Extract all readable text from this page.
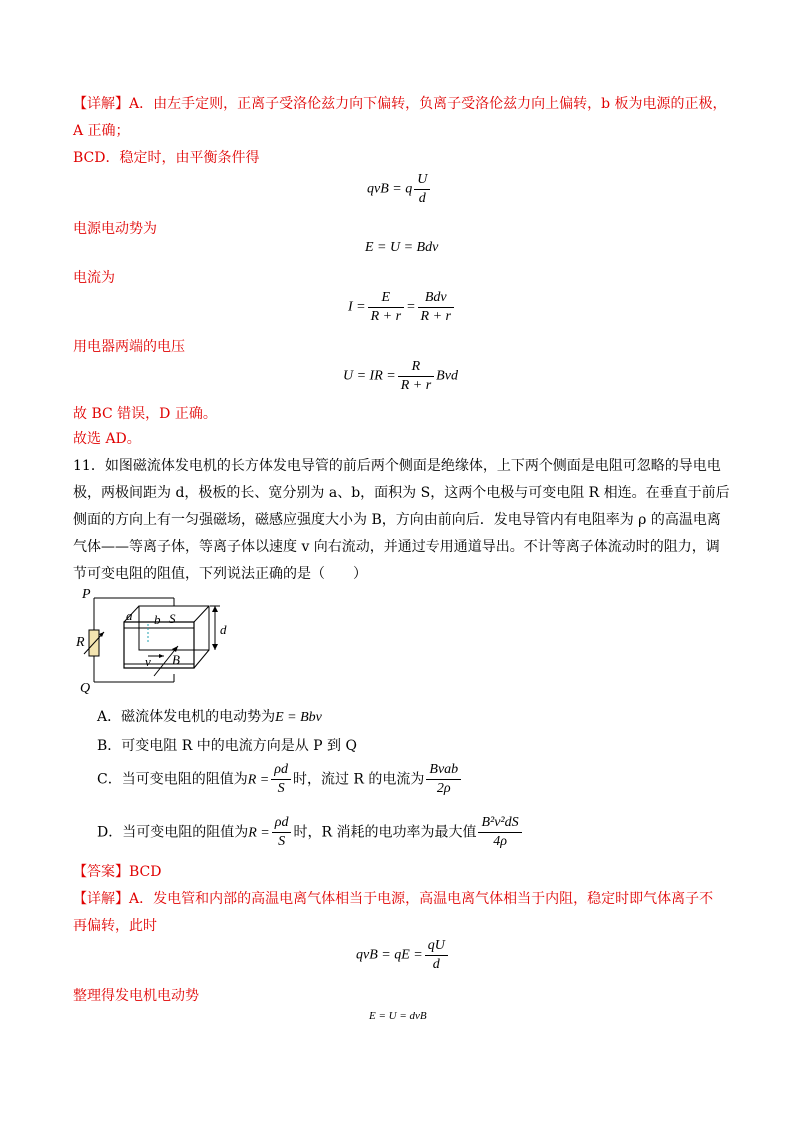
【详解】A．由左手定则，正离子受洛伦兹力向下偏转，负离子受洛伦兹力向上偏转，b 板为电源的正极，
A 正确；
BCD．稳定时，由平衡条件得
qvB = q $\frac{U}{d}$
电源电动势为
E = U = Bdv
电流为
$I = \frac{E}{R + r} = \frac{\text{Bdv}}{R + r}$
用电器两端的电压
U = IR = $\frac{R}{R + r}$ Bvd
故 BC 错误，D 正确。
故选 AD。
11．如图磁流体发电机的长方体发电导管的前后两个侧面是绝缘体，上下两个侧面是电阻可忽略的导电电
极，两极间距为 d，极板的长、宽分别为 a、b，面积为 S，这两个电极与可变电阻 R 相连。在垂直于前后
侧面的方向上有一匀强磁场，磁感应强度大小为 B，方向由前向后．发电导管内有电阻率为 ρ 的高温电离
气体——等离子体，等离子体以速度 v 向右流动，并通过专用通道导出。不计等离子体流动时的阻力，调
节可变电阻的阻值，下列说法正确的是（　　）
P
R
Q
a b S
d
v B
A．磁流体发电机的电动势为E = Bbv
B．可变电阻 R 中的电流方向是从 P 到 Q
C．当可变电阻的阻值为$R = \frac{\rho d}{S}$ 时，流过 R 的电流为 $\frac{\text{Bvab}}{2\rho}$
D．当可变电阻的阻值为$R = \frac{\rho d}{S}$ 时，R 消耗的电功率为最大值 $\frac{\text{B²v²dS}}{4\rho}$
【答案】BCD
【详解】A．发电管和内部的高温电离气体相当于电源，高温电离气体相当于内阻，稳定时即气体离子不
再偏转，此时
qvB = qE = $\frac{qU}{d}$
整理得发电机电动势
E = U = dvB
